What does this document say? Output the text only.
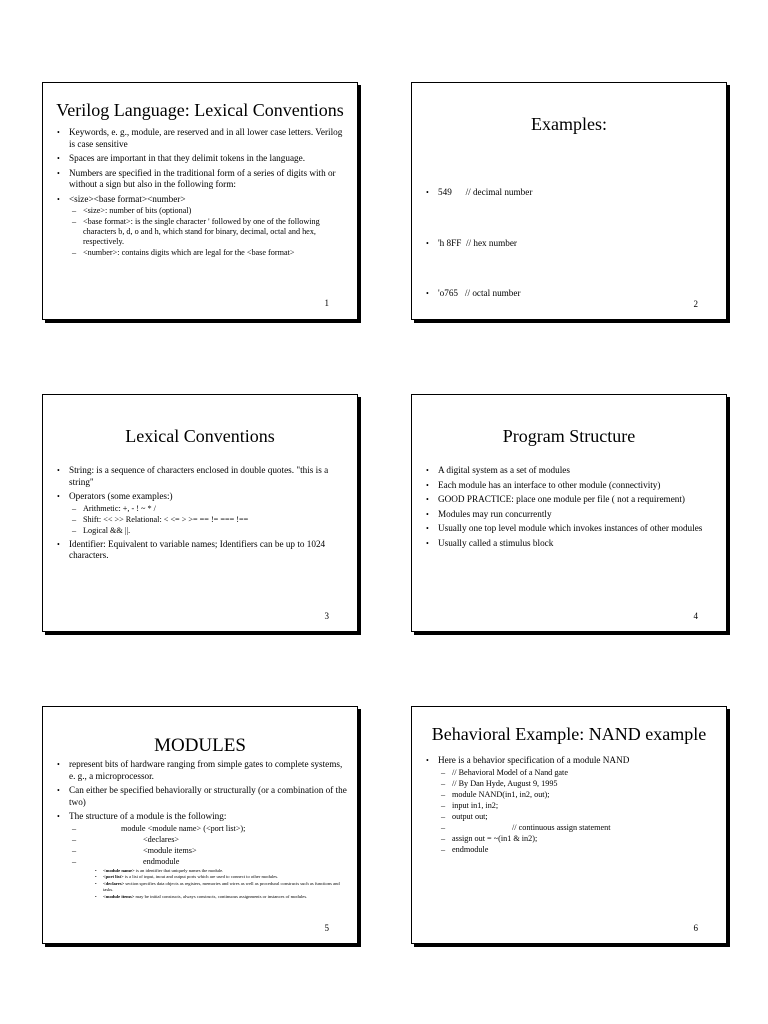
Verilog Language: Lexical Conventions
• Keywords, e. g., module, are reserved and in all lower case letters. Verilog is case sensitive
• Spaces are important in that they delimit tokens in the language.
• Numbers are specified in the traditional form of a series of digits with or without a sign but also in the following form:
• <size><base format><number>
– <size>: number of bits (optional)
– <base format>: is the single character ' followed by one of the following characters b, d, o and h, which stand for binary, decimal, octal and hex, respectively.
– <number>: contains digits which are legal for the <base format>
1
Examples:

• 549      // decimal number

• 'h 8FF  // hex number

• 'o765   // octal number

2
Lexical Conventions
• String: is a sequence of characters enclosed in double quotes. "this is a string"
• Operators (some examples:)
– Arithmetic: +, - ! ~ * /
– Shift: << >> Relational: < <= > >= == != === !==
– Logical && ||.
• Identifier: Equivalent to variable names; Identifiers can be up to 1024 characters.
3
Program Structure
• A digital system as a set of modules
• Each module has an interface to other module (connectivity)
• GOOD PRACTICE: place one module per file ( not a requirement)
• Modules may run concurrently
• Usually one top level module which invokes instances of other modules
• Usually called a stimulus block
4
MODULES
• represent bits of hardware ranging from simple gates to complete systems, e. g., a microprocessor.
• Can either be specified behaviorally or structurally (or a combination of the two)
• The structure of a module is the following:
– module <module name> (<port list>);
– <declares>
– <module items>
– endmodule
• <module name> is an identifier that uniquely names the module.
• <port list> is a list of input, inout and output ports which are used to connect to other modules.
• <declares> section specifies data objects as registers, memories and wires as well as procedural constructs such as functions and tasks.
• <module items> may be initial constructs, always constructs, continuous assignments or instances of modules.
5
Behavioral Example: NAND example
• Here is a behavior specification of a module NAND
– // Behavioral Model of a Nand gate
– // By Dan Hyde, August 9, 1995
– module NAND(in1, in2, out);
– input in1, in2;
– output out;
– // continuous assign statement
– assign out = ~(in1 & in2);
– endmodule
6
